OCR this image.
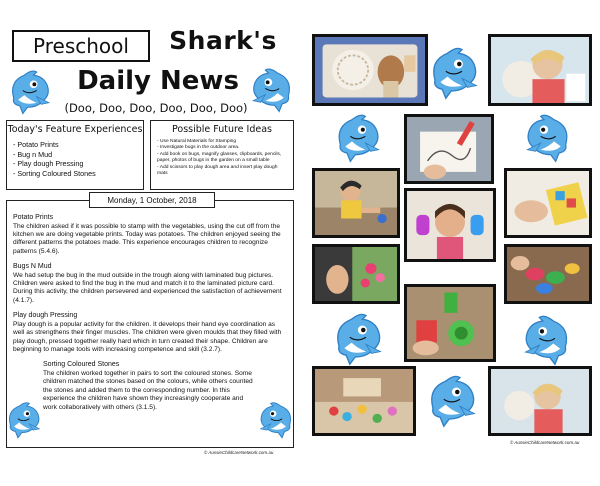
Preschool	Shark's
Daily News
(Doo, Doo, Doo, Doo, Doo, Doo)
Today's Feature Experiences
- Potato Prints
- Bug n Mud
- Play dough Pressing
- Sorting Coloured Stones
Possible Future Ideas
- Use Natural Materials for Stamping
- Investigate bugs in the outdoor area.
- Add book on bugs, magnify glasses, clipboards, pencils,
paper, photos of bugs in the garden on a small table
- Add scissors to play dough area and insert play dough
mats
Monday, 1 October, 2018
Potato Prints
The children asked if it was possible to stamp with the vegetables, using the cut off from the kitchen we are doing vegetable prints. Today was potatoes. The children enjoyed seeing the different patterns the potatoes made. This experience encourages children to recognize patterns (5.4.6).
Bugs N Mud
We had setup the bug in the mud outside in the trough along with laminated bug pictures. Children were asked to find the bug in the mud and match it to the laminated picture card. During this activity, the children persevered and experienced the satisfaction of achievement (4.1.7).
Play dough Pressing
Play dough is a popular activity for the children. It develops their hand eye coordination as well as strengthens their finger muscles. The children were given moulds that they filled with play dough, pressed together really hard which in turn created their shape. Children are beginning to manage tools with increasing competence and skill (3.2.7).
Sorting Coloured Stones
The children worked together in pairs to sort the coloured stones. Some children matched the stones based on the colours, while others counted the stones and added them to the corresponding number. In this experience the children have shown they increasingly cooperate and work collaboratively with others (3.1.5).
© AussieChildcareNetwork.com.au
© AussieChildcareNetwork.com.au
